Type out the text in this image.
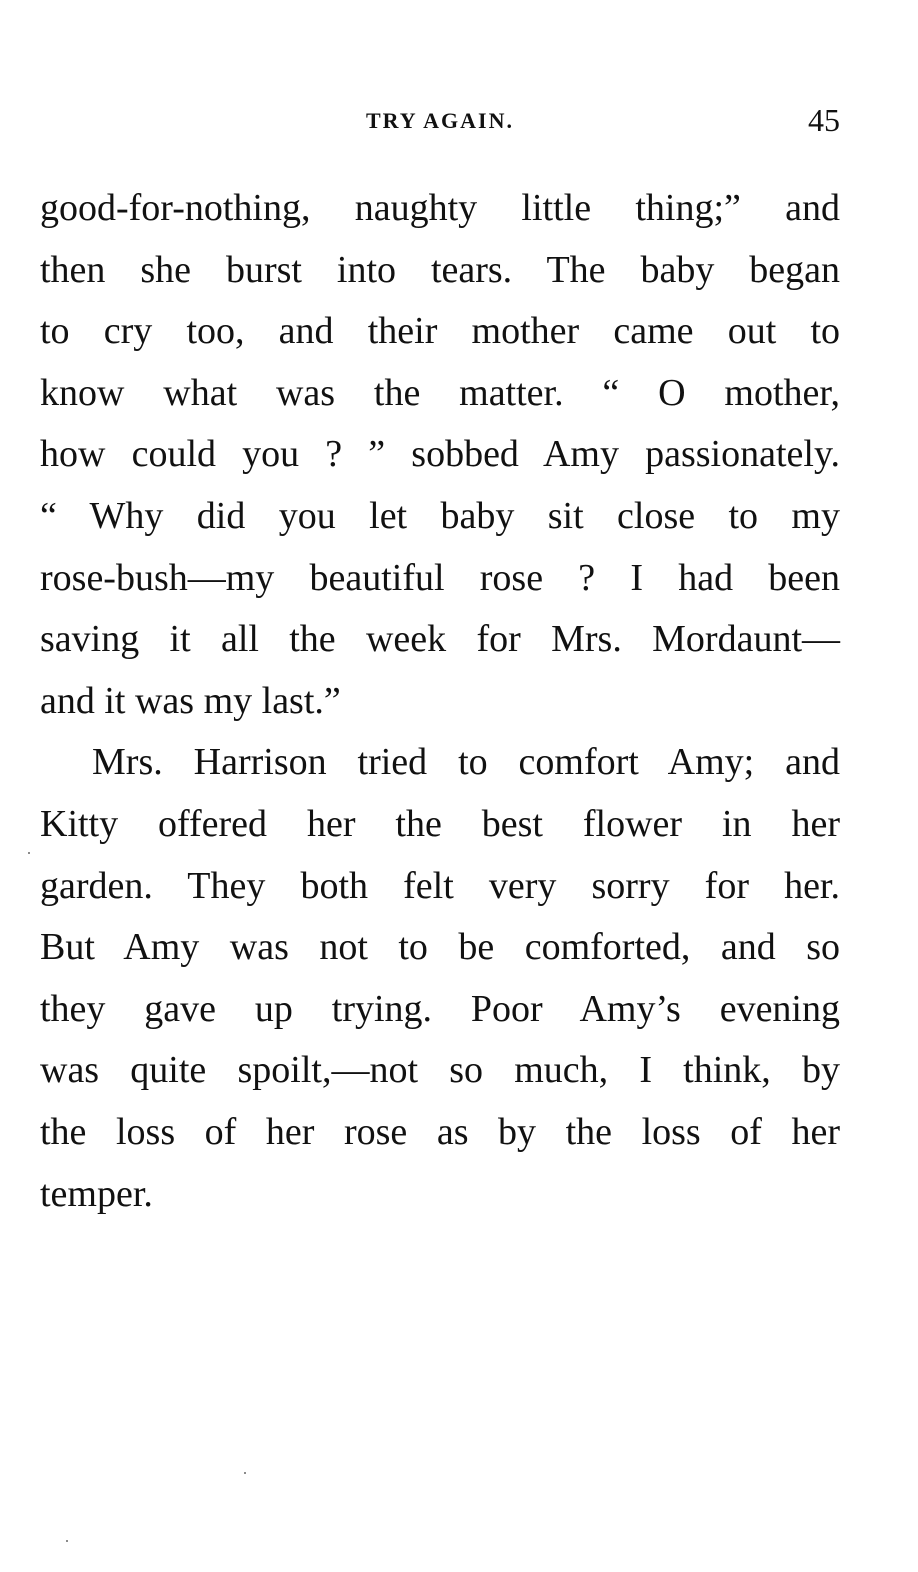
TRY AGAIN.	45
good-for-nothing, naughty little thing;” and
then she burst into tears. The baby began
to cry too, and their mother came out to
know what was the matter. “ O mother,
how could you ? ” sobbed Amy passionately.
“ Why did you let baby sit close to my
rose-bush—my beautiful rose ? I had been
saving it all the week for Mrs. Mordaunt—
and it was my last.”
Mrs. Harrison tried to comfort Amy; and
Kitty offered her the best flower in her
garden. They both felt very sorry for her.
But Amy was not to be comforted, and so
they gave up trying. Poor Amy’s evening
was quite spoilt,—not so much, I think, by
the loss of her rose as by the loss of her
temper.
